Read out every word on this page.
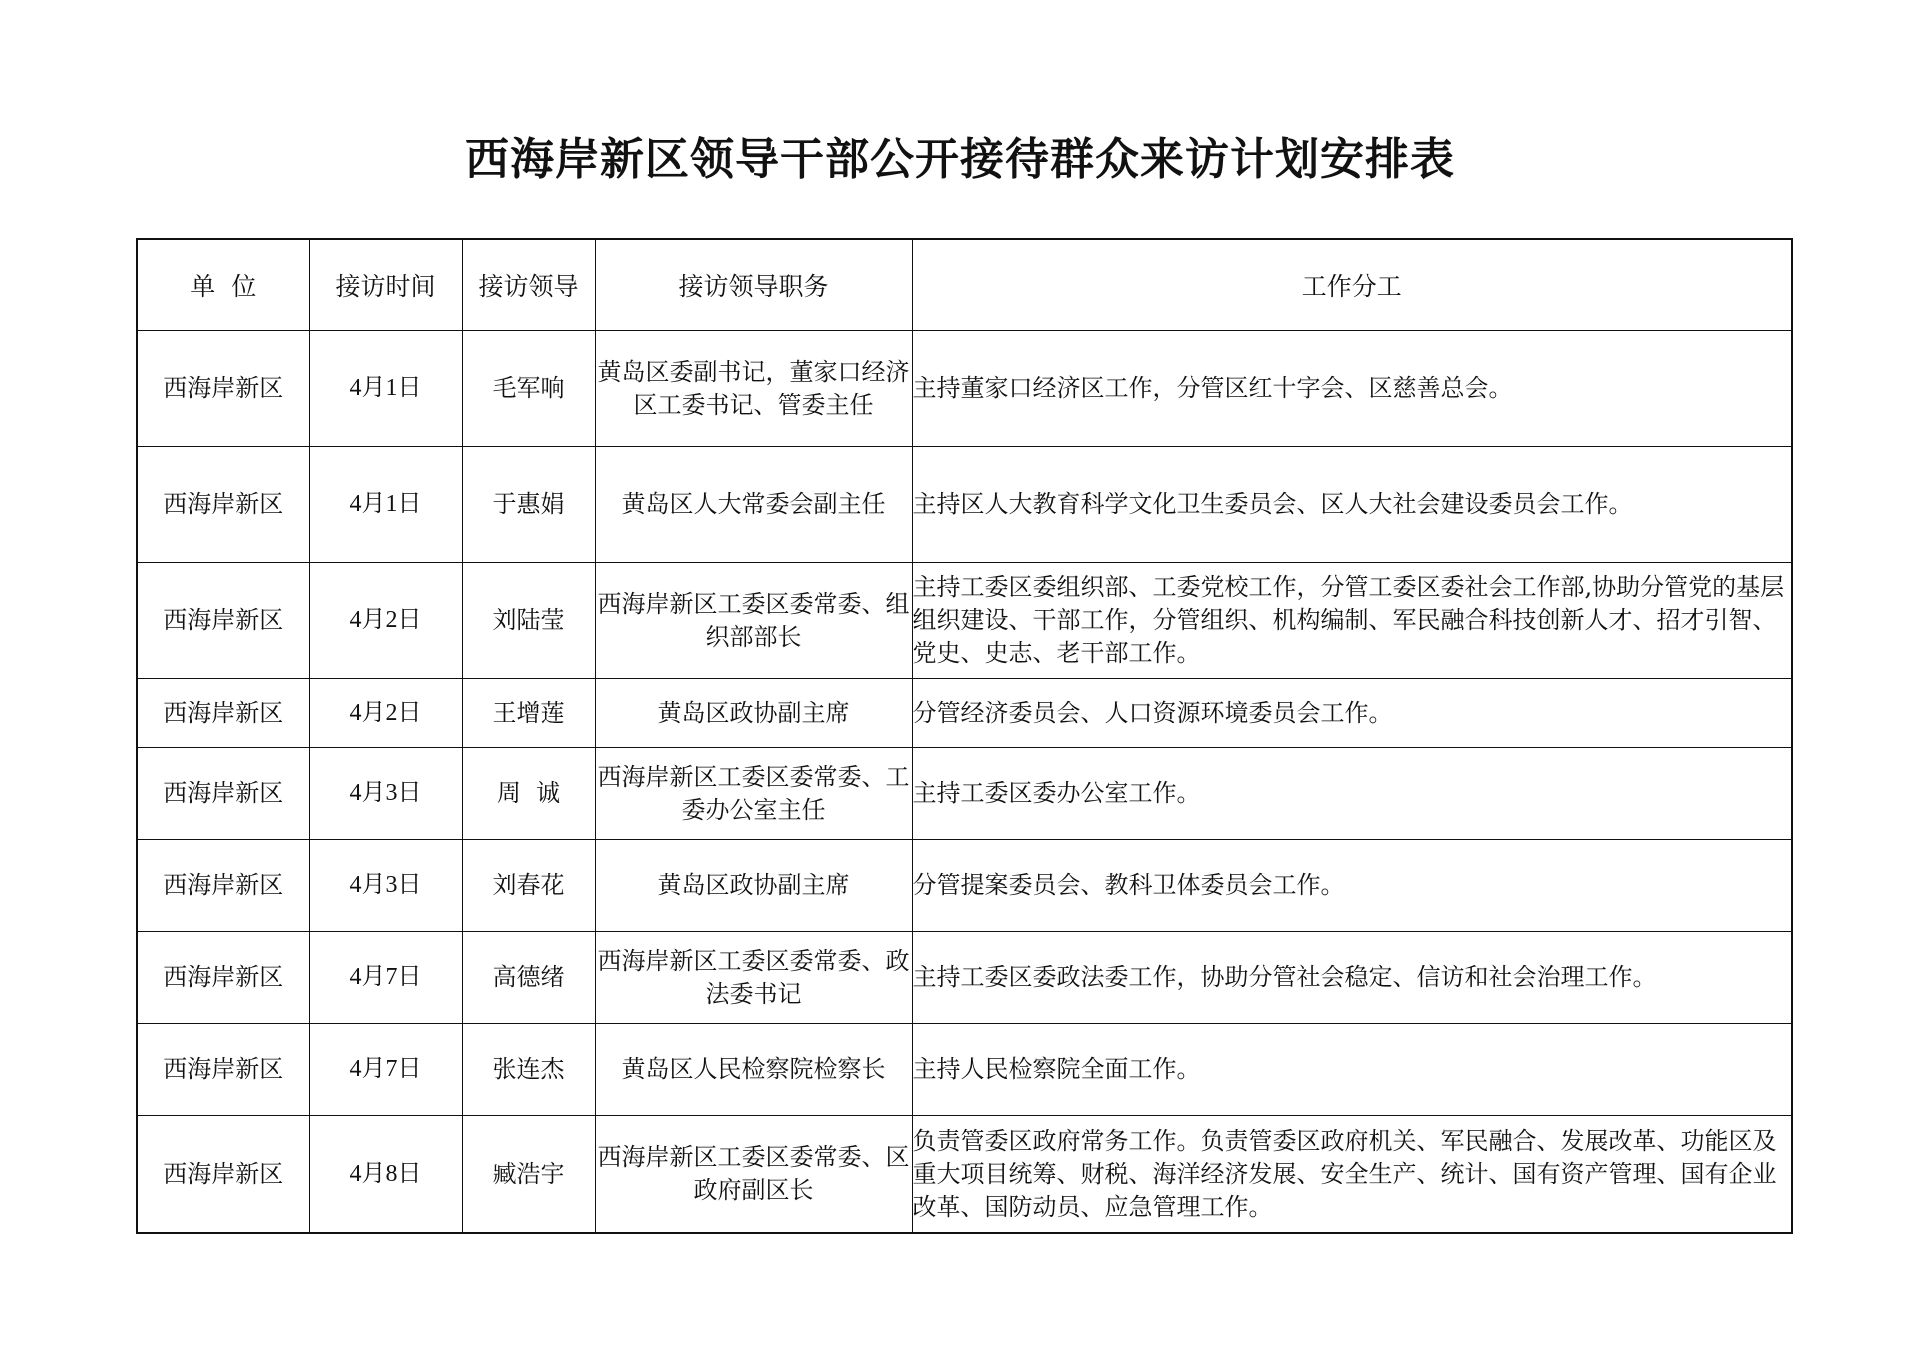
西海岸新区领导干部公开接待群众来访计划安排表
单  位	接访时间	接访领导	接访领导职务	工作分工
西海岸新区	4月1日	毛军响	黄岛区委副书记，董家口经济区工委书记、管委主任	主持董家口经济区工作，分管区红十字会、区慈善总会。
西海岸新区	4月1日	于惠娟	黄岛区人大常委会副主任	主持区人大教育科学文化卫生委员会、区人大社会建设委员会工作。
西海岸新区	4月2日	刘陆莹	西海岸新区工委区委常委、组织部部长	主持工委区委组织部、工委党校工作，分管工委区委社会工作部,协助分管党的基层组织建设、干部工作，分管组织、机构编制、军民融合科技创新人才、招才引智、党史、史志、老干部工作。
西海岸新区	4月2日	王增莲	黄岛区政协副主席	分管经济委员会、人口资源环境委员会工作。
西海岸新区	4月3日	周  诚	西海岸新区工委区委常委、工委办公室主任	主持工委区委办公室工作。
西海岸新区	4月3日	刘春花	黄岛区政协副主席	分管提案委员会、教科卫体委员会工作。
西海岸新区	4月7日	高德绪	西海岸新区工委区委常委、政法委书记	主持工委区委政法委工作，协助分管社会稳定、信访和社会治理工作。
西海岸新区	4月7日	张连杰	黄岛区人民检察院检察长	主持人民检察院全面工作。
西海岸新区	4月8日	臧浩宇	西海岸新区工委区委常委、区政府副区长	负责管委区政府常务工作。负责管委区政府机关、军民融合、发展改革、功能区及重大项目统筹、财税、海洋经济发展、安全生产、统计、国有资产管理、国有企业改革、国防动员、应急管理工作。
